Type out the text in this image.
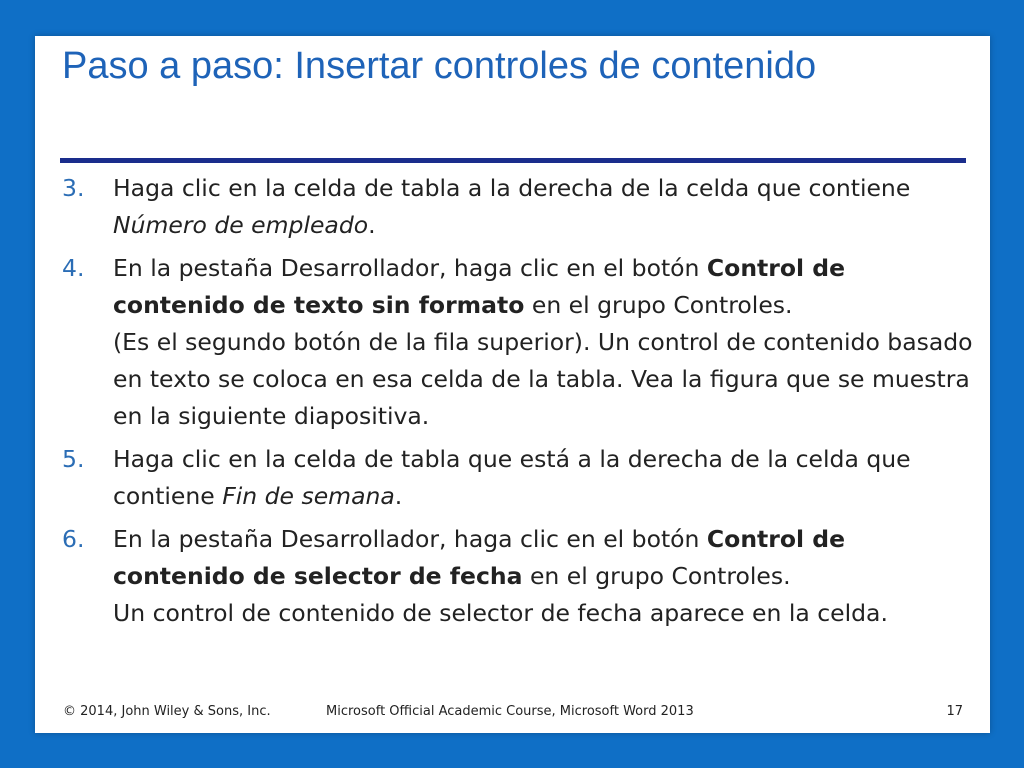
Paso a paso: Insertar controles de contenido
3. Haga clic en la celda de tabla a la derecha de la celda que contiene Número de empleado.

4. En la pestaña Desarrollador, haga clic en el botón Control de contenido de texto sin formato en el grupo Controles.

(Es el segundo botón de la fila superior). Un control de contenido basado en texto se coloca en esa celda de la tabla. Vea la figura que se muestra en la siguiente diapositiva.

5. Haga clic en la celda de tabla que está a la derecha de la celda que contiene Fin de semana.

6. En la pestaña Desarrollador, haga clic en el botón Control de contenido de selector de fecha en el grupo Controles.

Un control de contenido de selector de fecha aparece en la celda.

© 2014, John Wiley & Sons, Inc.	Microsoft Official Academic Course, Microsoft Word 2013	17
